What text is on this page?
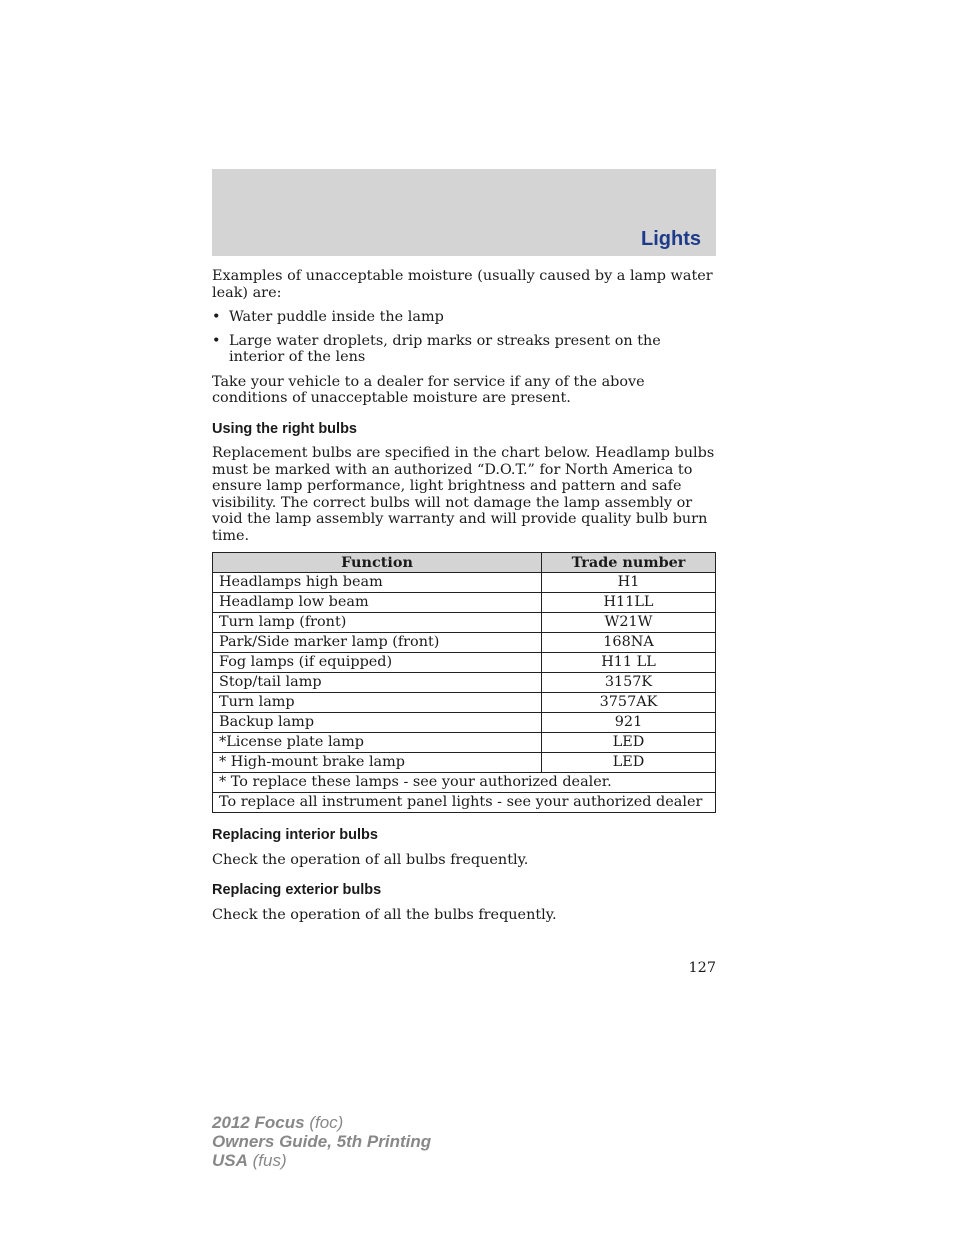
Lights

Examples of unacceptable moisture (usually caused by a lamp water leak) are:

• Water puddle inside the lamp
• Large water droplets, drip marks or streaks present on the interior of the lens

Take your vehicle to a dealer for service if any of the above conditions of unacceptable moisture are present.

Using the right bulbs

Replacement bulbs are specified in the chart below. Headlamp bulbs must be marked with an authorized “D.O.T.” for North America to ensure lamp performance, light brightness and pattern and safe visibility. The correct bulbs will not damage the lamp assembly or void the lamp assembly warranty and will provide quality bulb burn time.

Function	Trade number
Headlamps high beam	H1
Headlamp low beam	H11LL
Turn lamp (front)	W21W
Park/Side marker lamp (front)	168NA
Fog lamps (if equipped)	H11 LL
Stop/tail lamp	3157K
Turn lamp	3757AK
Backup lamp	921
*License plate lamp	LED
* High-mount brake lamp	LED
* To replace these lamps - see your authorized dealer.	
To replace all instrument panel lights - see your authorized dealer	
Replacing interior bulbs

Check the operation of all bulbs frequently.

Replacing exterior bulbs

Check the operation of all the bulbs frequently.

127
2012 Focus (foc)
Owners Guide, 5th Printing
USA (fus)
